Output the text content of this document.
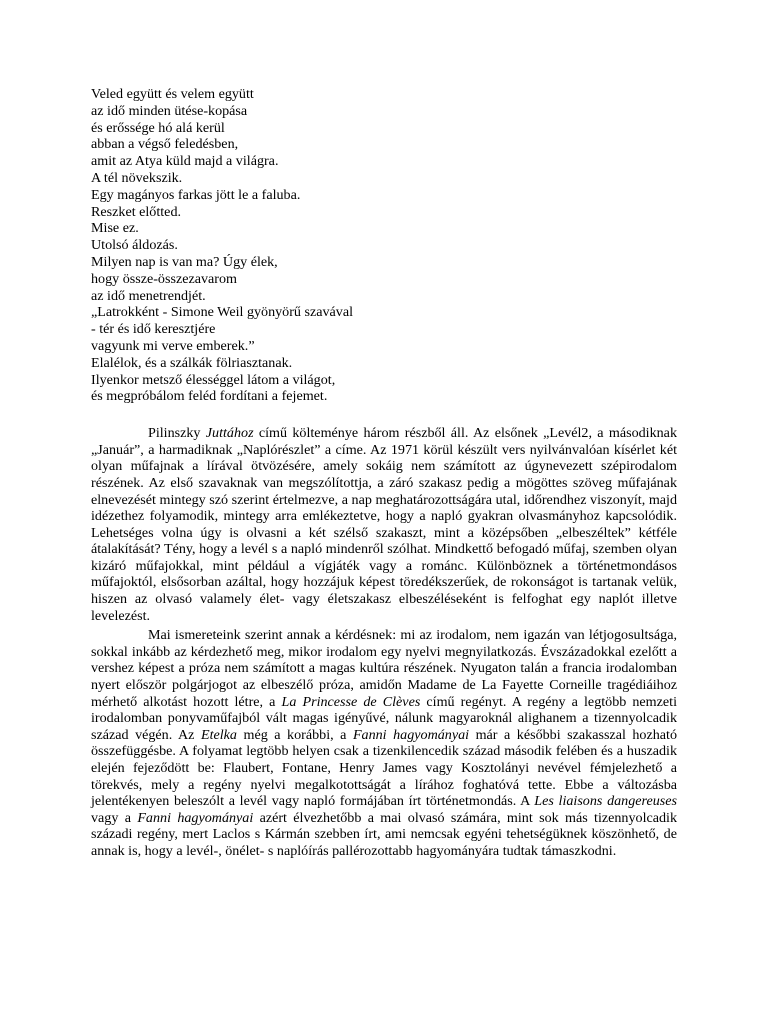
Veled együtt és velem együtt
az idő minden ütése-kopása
és erőssége hó alá kerül
abban a végső feledésben,
amit az Atya küld majd a világra.
A tél növekszik.
Egy magányos farkas jött le a faluba.
Reszket előtted.
Mise ez.
Utolsó áldozás.
Milyen nap is van ma? Úgy élek,
hogy össze-összezavarom
az idő menetrendjét.
„Latrokként - Simone Weil gyönyörű szavával
- tér és idő keresztjére
vagyunk mi verve emberek.”
Elalélok, és a szálkák fölriasztanak.
Ilyenkor metsző élességgel látom a világot,
és megpróbálom feléd fordítani a fejemet.

Pilinszky Juttához című költeménye három részből áll. Az elsőnek „Levél2, a másodiknak „Január”, a harmadiknak „Naplórészlet” a címe. Az 1971 körül készült vers nyilvánvalóan kísérlet két olyan műfajnak a lírával ötvözésére, amely sokáig nem számított az úgynevezett szépirodalom részének. Az első szavaknak van megszólítottja, a záró szakasz pedig a mögöttes szöveg műfajának elnevezését mintegy szó szerint értelmezve, a nap meghatározottságára utal, időrendhez viszonyít, majd idézethez folyamodik, mintegy arra emlékeztetve, hogy a napló gyakran olvasmányhoz kapcsolódik. Lehetséges volna úgy is olvasni a két szélső szakaszt, mint a középsőben „elbeszéltek” kétféle átalakítását? Tény, hogy a levél s a napló mindenről szólhat. Mindkettő befogadó műfaj, szemben olyan kizáró műfajokkal, mint például a vígjáték vagy a románc. Különböznek a történetmondásos műfajoktól, elsősorban azáltal, hogy hozzájuk képest töredékszerűek, de rokonságot is tartanak velük, hiszen az olvasó valamely élet- vagy életszakasz elbeszéléseként is felfoghat egy naplót illetve levelezést.

Mai ismereteink szerint annak a kérdésnek: mi az irodalom, nem igazán van létjogosultsága, sokkal inkább az kérdezhető meg, mikor irodalom egy nyelvi megnyilatkozás. Évszázadokkal ezelőtt a vershez képest a próza nem számított a magas kultúra részének. Nyugaton talán a francia irodalomban nyert először polgárjogot az elbeszélő próza, amidőn Madame de La Fayette Corneille tragédiáihoz mérhető alkotást hozott létre, a La Princesse de Clèves című regényt. A regény a legtöbb nemzeti irodalomban ponyvaműfajból vált magas igényűvé, nálunk magyaroknál alighanem a tizennyolcadik század végén. Az Etelka még a korábbi, a Fanni hagyományai már a későbbi szakasszal hozható összefüggésbe. A folyamat legtöbb helyen csak a tizenkilencedik század második felében és a huszadik elején fejeződött be: Flaubert, Fontane, Henry James vagy Kosztolányi nevével fémjelezhető a törekvés, mely a regény nyelvi megalkotottságát a lírához foghatóvá tette. Ebbe a változásba jelentékenyen beleszólt a levél vagy napló formájában írt történetmondás. A Les liaisons dangereuses vagy a Fanni hagyományai azért élvezhetőbb a mai olvasó számára, mint sok más tizennyolcadik századi regény, mert Laclos s Kármán szebben írt, ami nemcsak egyéni tehetségüknek köszönhető, de annak is, hogy a levél-, önélet- s naplóírás pallérozottabb hagyományára tudtak támaszkodni.
